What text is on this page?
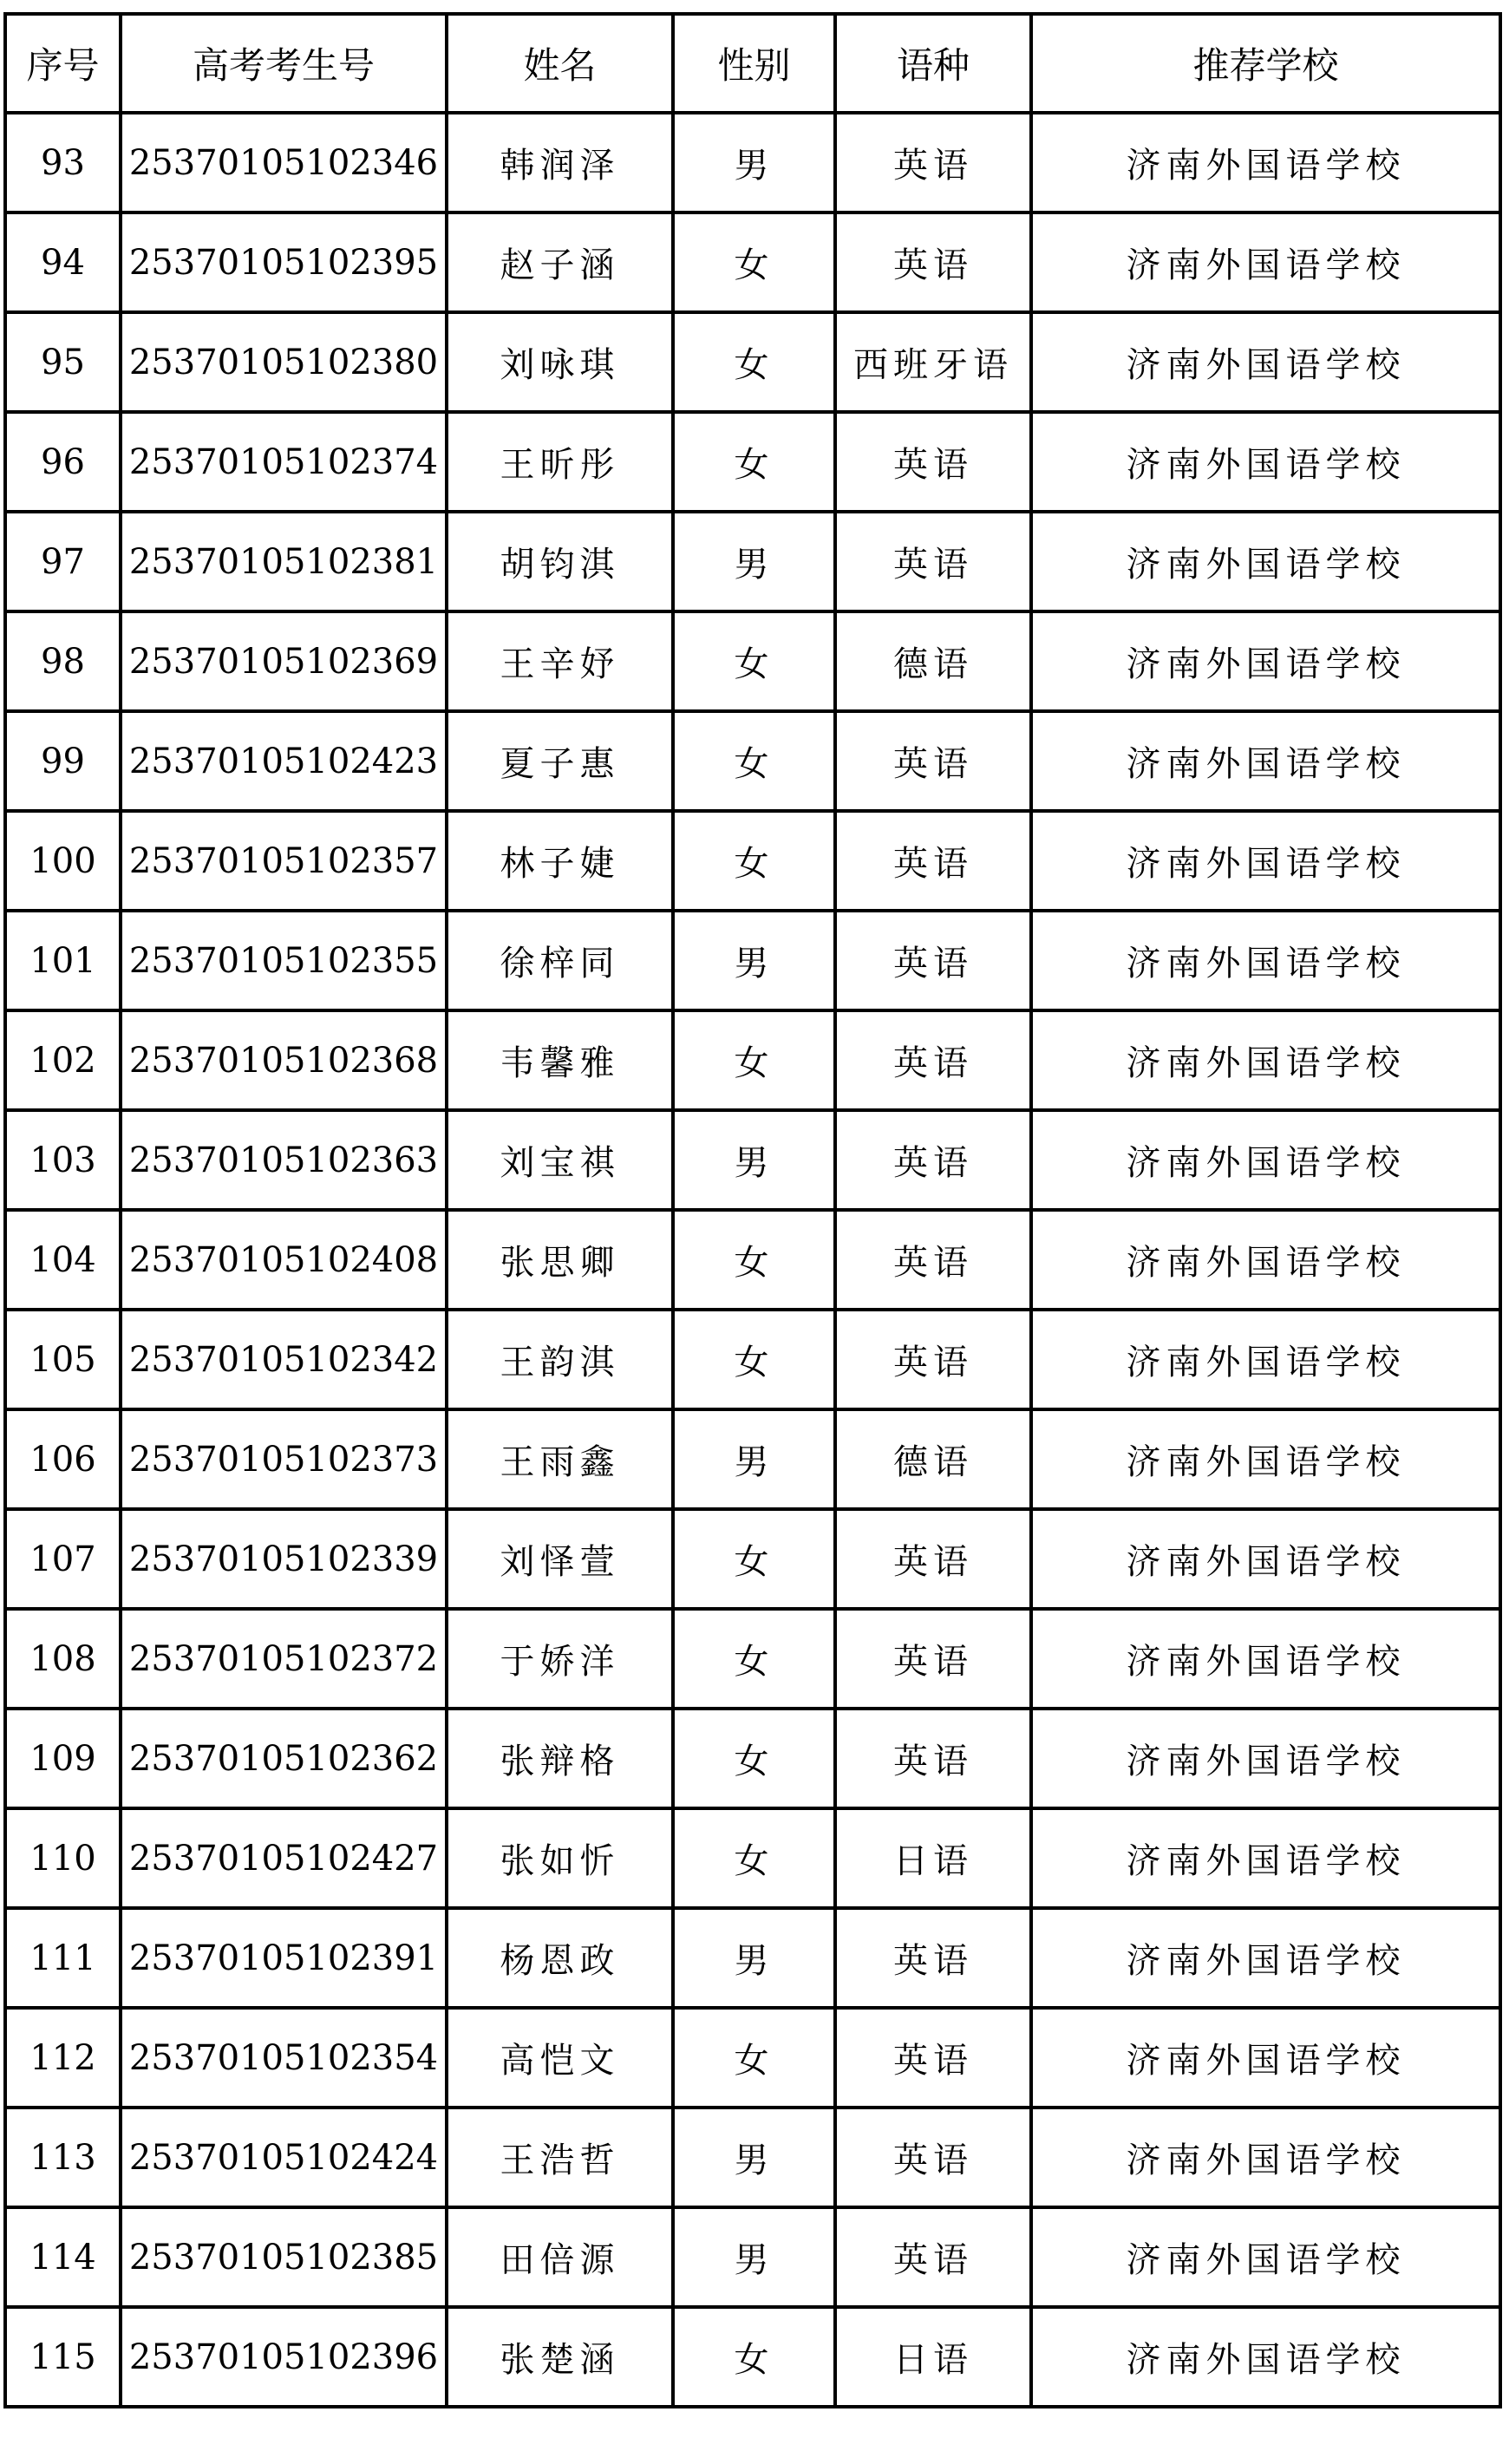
序号	高考考生号	姓名	性别	语种	推荐学校
93	25370105102346	韩润泽	男	英语	济南外国语学校
94	25370105102395	赵子涵	女	英语	济南外国语学校
95	25370105102380	刘咏琪	女	西班牙语	济南外国语学校
96	25370105102374	王昕彤	女	英语	济南外国语学校
97	25370105102381	胡钧淇	男	英语	济南外国语学校
98	25370105102369	王辛妤	女	德语	济南外国语学校
99	25370105102423	夏子惠	女	英语	济南外国语学校
100	25370105102357	林子婕	女	英语	济南外国语学校
101	25370105102355	徐梓同	男	英语	济南外国语学校
102	25370105102368	韦馨雅	女	英语	济南外国语学校
103	25370105102363	刘宝祺	男	英语	济南外国语学校
104	25370105102408	张思卿	女	英语	济南外国语学校
105	25370105102342	王韵淇	女	英语	济南外国语学校
106	25370105102373	王雨鑫	男	德语	济南外国语学校
107	25370105102339	刘怿萱	女	英语	济南外国语学校
108	25370105102372	于娇洋	女	英语	济南外国语学校
109	25370105102362	张辩格	女	英语	济南外国语学校
110	25370105102427	张如忻	女	日语	济南外国语学校
111	25370105102391	杨恩政	男	英语	济南外国语学校
112	25370105102354	高恺文	女	英语	济南外国语学校
113	25370105102424	王浩哲	男	英语	济南外国语学校
114	25370105102385	田倍源	男	英语	济南外国语学校
115	25370105102396	张楚涵	女	日语	济南外国语学校
